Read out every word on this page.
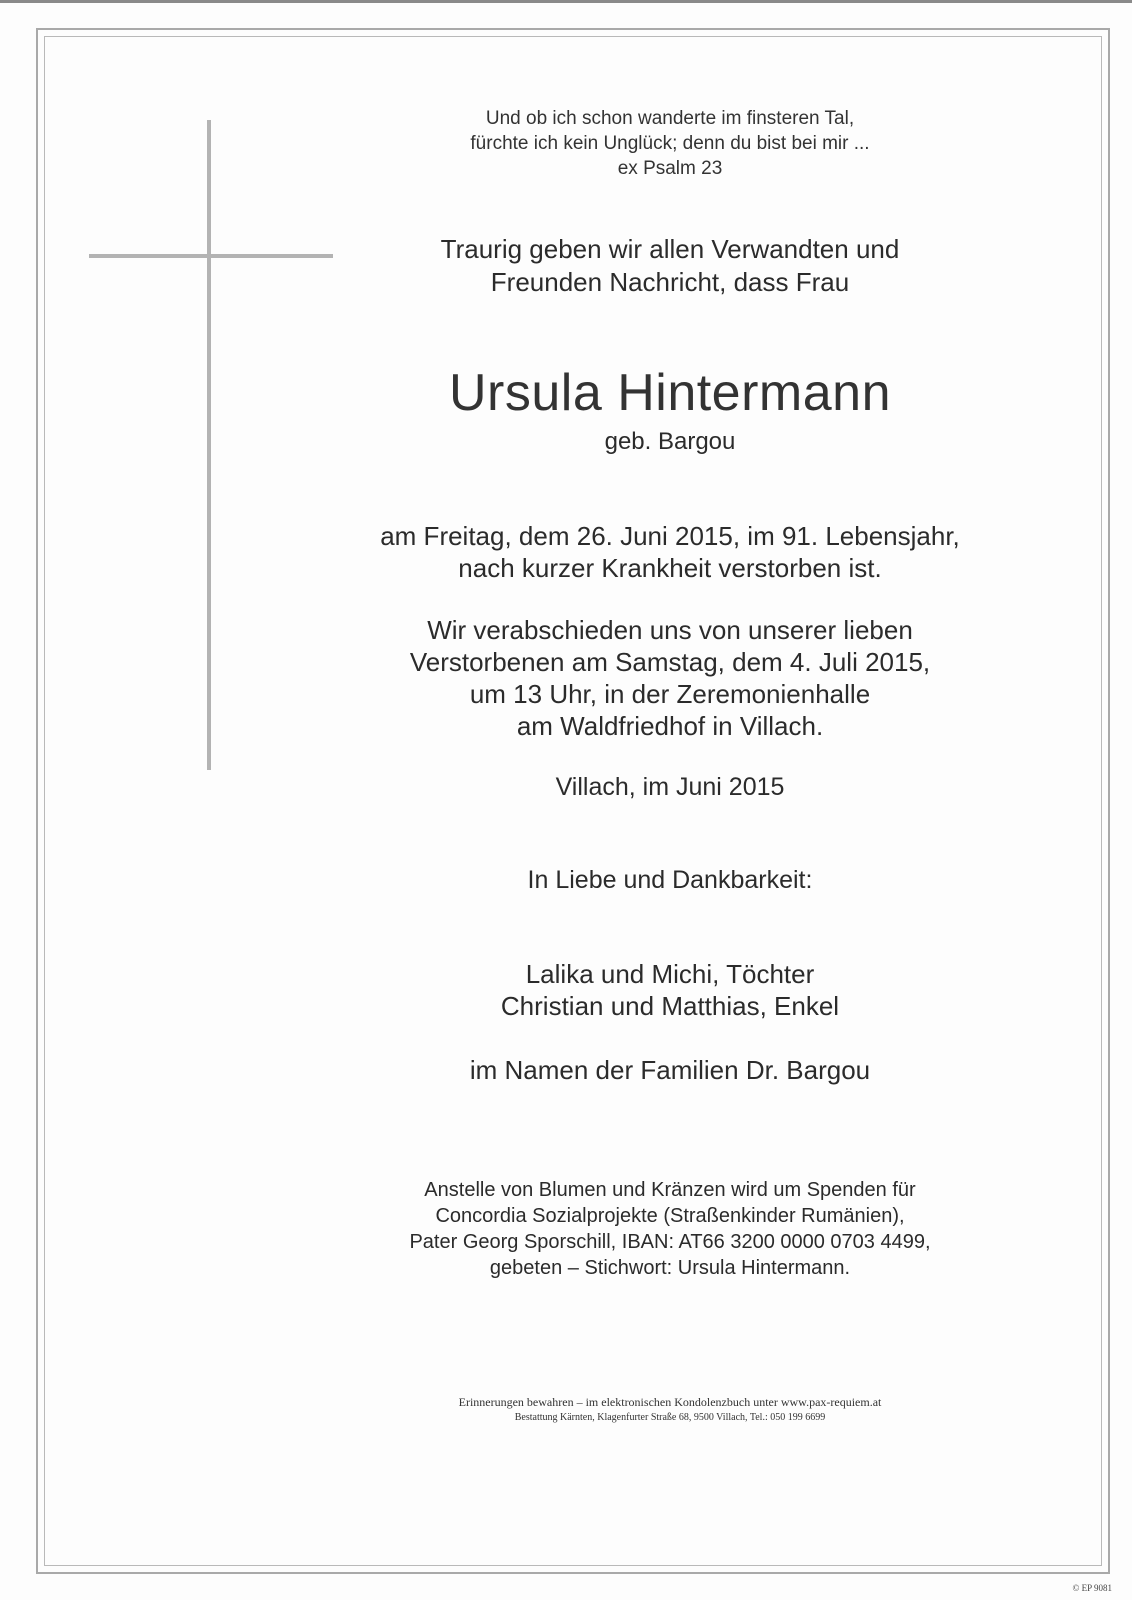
Und ob ich schon wanderte im finsteren Tal,
fürchte ich kein Unglück; denn du bist bei mir ...
ex Psalm 23
Traurig geben wir allen Verwandten und
Freunden Nachricht, dass Frau
Ursula Hintermann
geb. Bargou
am Freitag, dem 26. Juni 2015, im 91. Lebensjahr,
nach kurzer Krankheit verstorben ist.
Wir verabschieden uns von unserer lieben
Verstorbenen am Samstag, dem 4. Juli 2015,
um 13 Uhr, in der Zeremonienhalle
am Waldfriedhof in Villach.
Villach, im Juni 2015
In Liebe und Dankbarkeit:
Lalika und Michi, Töchter
Christian und Matthias, Enkel
im Namen der Familien Dr. Bargou
Anstelle von Blumen und Kränzen wird um Spenden für
Concordia Sozialprojekte (Straßenkinder Rumänien),
Pater Georg Sporschill, IBAN: AT66 3200 0000 0703 4499,
gebeten – Stichwort: Ursula Hintermann.
Erinnerungen bewahren – im elektronischen Kondolenzbuch unter www.pax-requiem.at
Bestattung Kärnten, Klagenfurter Straße 68, 9500 Villach, Tel.: 050 199 6699
© EP 9081
